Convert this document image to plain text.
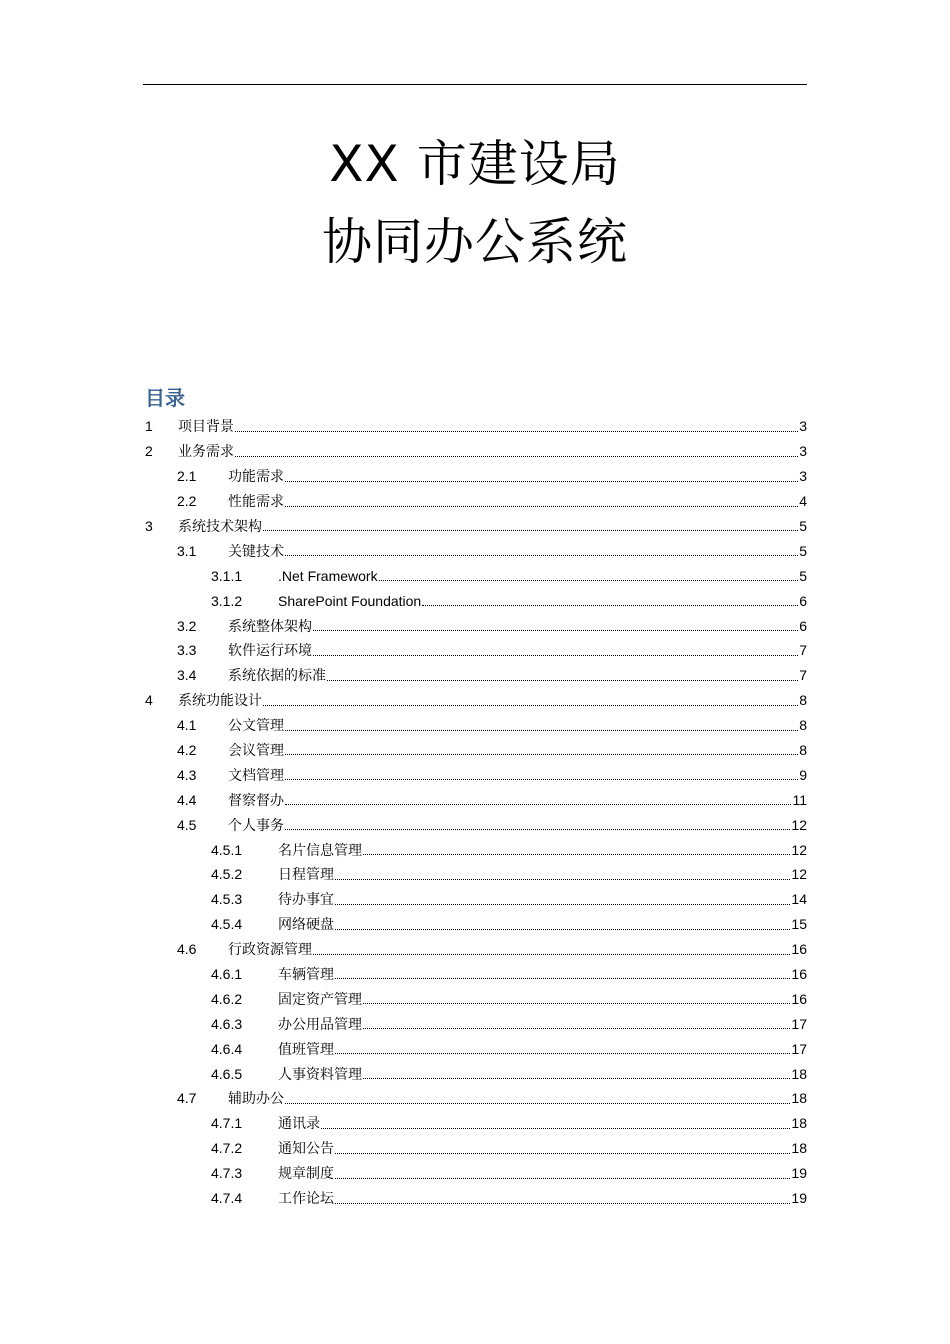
XX 市建设局
协同办公系统
目录
1	项目背景	3
2	业务需求	3
2.1	功能需求	3
2.2	性能需求	4
3	系统技术架构	5
3.1	关键技术	5
3.1.1	.Net Framework	5
3.1.2	SharePoint Foundation	6
3.2	系统整体架构	6
3.3	软件运行环境	7
3.4	系统依据的标准	7
4	系统功能设计	8
4.1	公文管理	8
4.2	会议管理	8
4.3	文档管理	9
4.4	督察督办	11
4.5	个人事务	12
4.5.1	名片信息管理	12
4.5.2	日程管理	12
4.5.3	待办事宜	14
4.5.4	网络硬盘	15
4.6	行政资源管理	16
4.6.1	车辆管理	16
4.6.2	固定资产管理	16
4.6.3	办公用品管理	17
4.6.4	值班管理	17
4.6.5	人事资料管理	18
4.7	辅助办公	18
4.7.1	通讯录	18
4.7.2	通知公告	18
4.7.3	规章制度	19
4.7.4	工作论坛	19
